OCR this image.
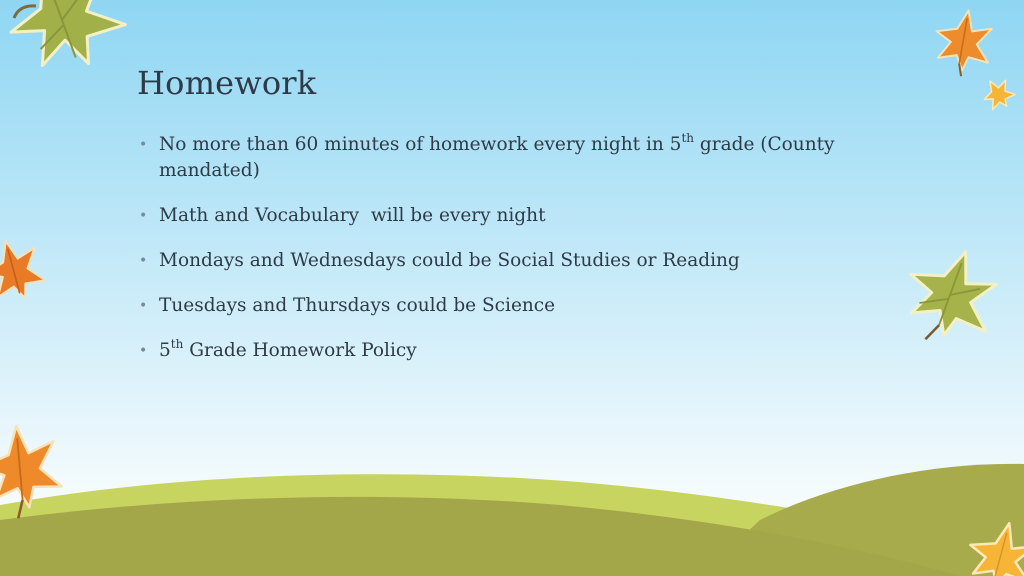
Homework
• No more than 60 minutes of homework every night in 5th grade (County mandated)
• Math and Vocabulary  will be every night
• Mondays and Wednesdays could be Social Studies or Reading
• Tuesdays and Thursdays could be Science
• 5th Grade Homework Policy
